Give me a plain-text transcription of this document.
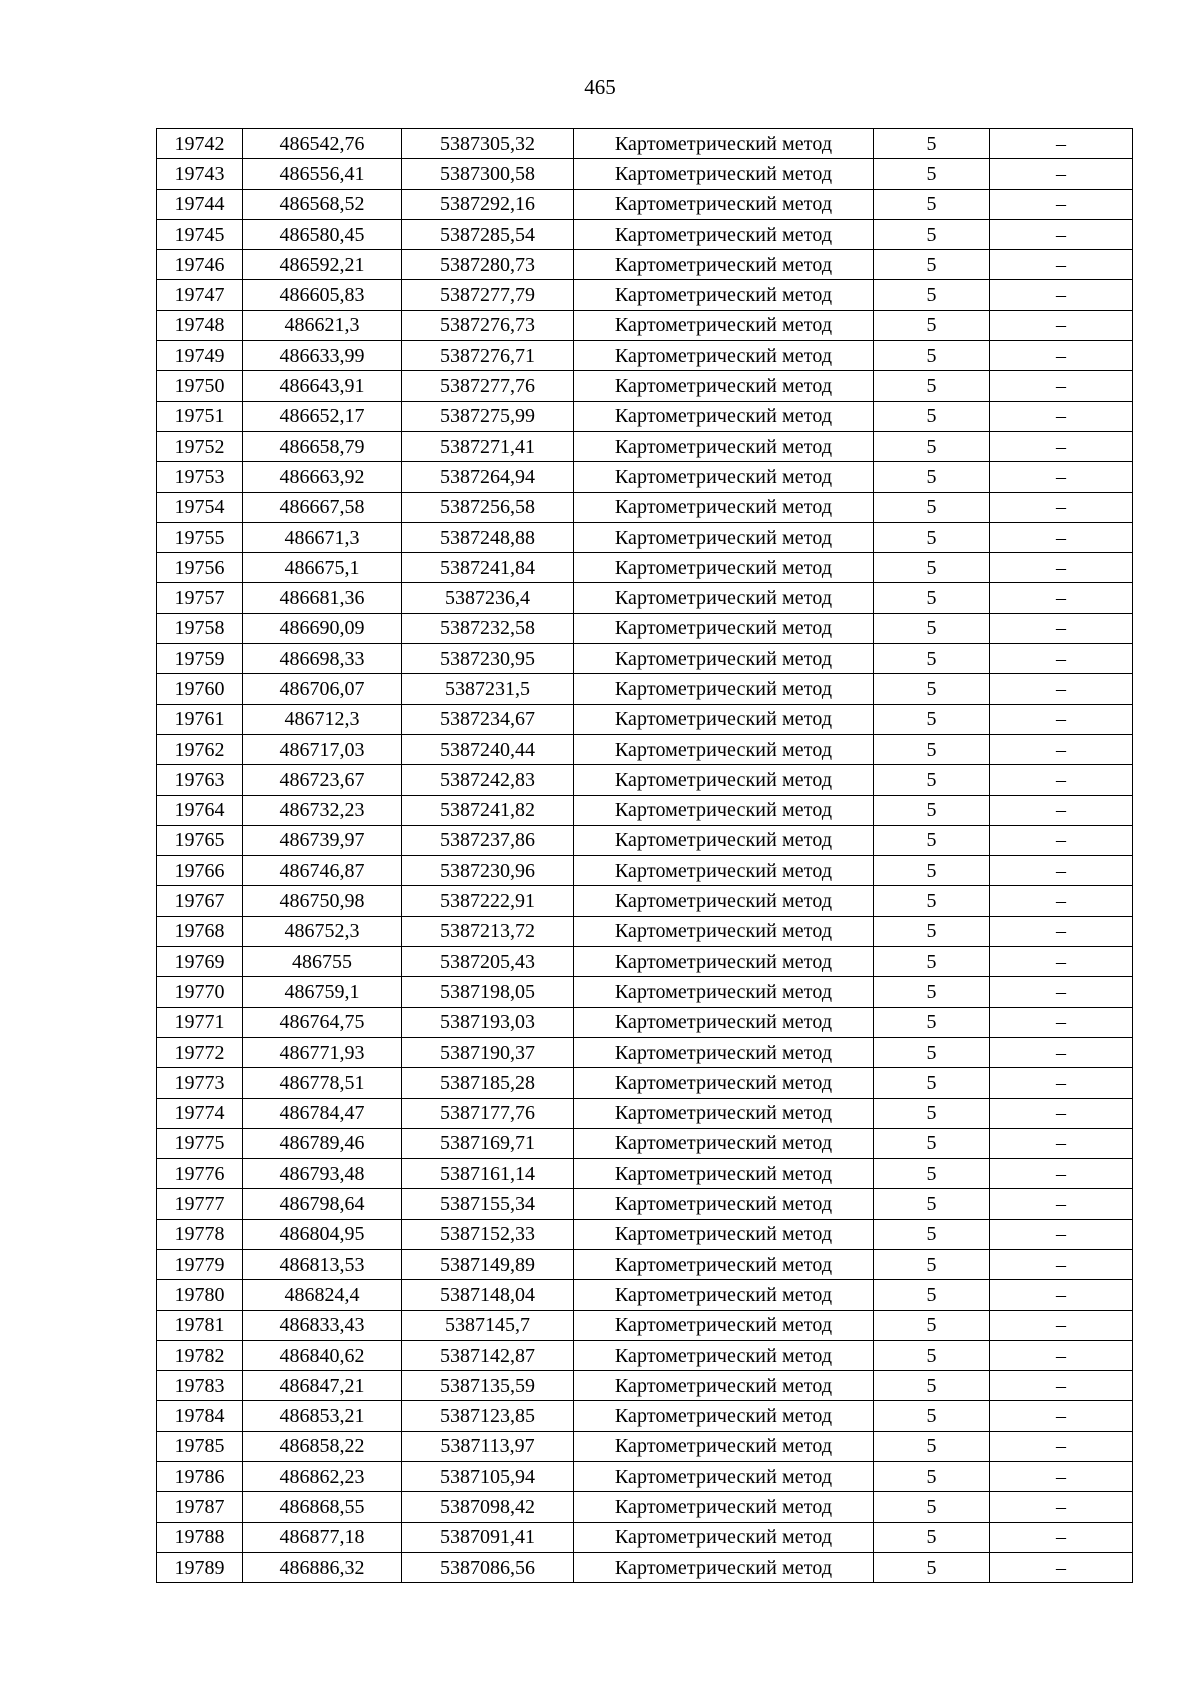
465
19742	486542,76	5387305,32	Картометрический метод	5	–
19743	486556,41	5387300,58	Картометрический метод	5	–
19744	486568,52	5387292,16	Картометрический метод	5	–
19745	486580,45	5387285,54	Картометрический метод	5	–
19746	486592,21	5387280,73	Картометрический метод	5	–
19747	486605,83	5387277,79	Картометрический метод	5	–
19748	486621,3	5387276,73	Картометрический метод	5	–
19749	486633,99	5387276,71	Картометрический метод	5	–
19750	486643,91	5387277,76	Картометрический метод	5	–
19751	486652,17	5387275,99	Картометрический метод	5	–
19752	486658,79	5387271,41	Картометрический метод	5	–
19753	486663,92	5387264,94	Картометрический метод	5	–
19754	486667,58	5387256,58	Картометрический метод	5	–
19755	486671,3	5387248,88	Картометрический метод	5	–
19756	486675,1	5387241,84	Картометрический метод	5	–
19757	486681,36	5387236,4	Картометрический метод	5	–
19758	486690,09	5387232,58	Картометрический метод	5	–
19759	486698,33	5387230,95	Картометрический метод	5	–
19760	486706,07	5387231,5	Картометрический метод	5	–
19761	486712,3	5387234,67	Картометрический метод	5	–
19762	486717,03	5387240,44	Картометрический метод	5	–
19763	486723,67	5387242,83	Картометрический метод	5	–
19764	486732,23	5387241,82	Картометрический метод	5	–
19765	486739,97	5387237,86	Картометрический метод	5	–
19766	486746,87	5387230,96	Картометрический метод	5	–
19767	486750,98	5387222,91	Картометрический метод	5	–
19768	486752,3	5387213,72	Картометрический метод	5	–
19769	486755	5387205,43	Картометрический метод	5	–
19770	486759,1	5387198,05	Картометрический метод	5	–
19771	486764,75	5387193,03	Картометрический метод	5	–
19772	486771,93	5387190,37	Картометрический метод	5	–
19773	486778,51	5387185,28	Картометрический метод	5	–
19774	486784,47	5387177,76	Картометрический метод	5	–
19775	486789,46	5387169,71	Картометрический метод	5	–
19776	486793,48	5387161,14	Картометрический метод	5	–
19777	486798,64	5387155,34	Картометрический метод	5	–
19778	486804,95	5387152,33	Картометрический метод	5	–
19779	486813,53	5387149,89	Картометрический метод	5	–
19780	486824,4	5387148,04	Картометрический метод	5	–
19781	486833,43	5387145,7	Картометрический метод	5	–
19782	486840,62	5387142,87	Картометрический метод	5	–
19783	486847,21	5387135,59	Картометрический метод	5	–
19784	486853,21	5387123,85	Картометрический метод	5	–
19785	486858,22	5387113,97	Картометрический метод	5	–
19786	486862,23	5387105,94	Картометрический метод	5	–
19787	486868,55	5387098,42	Картометрический метод	5	–
19788	486877,18	5387091,41	Картометрический метод	5	–
19789	486886,32	5387086,56	Картометрический метод	5	–
